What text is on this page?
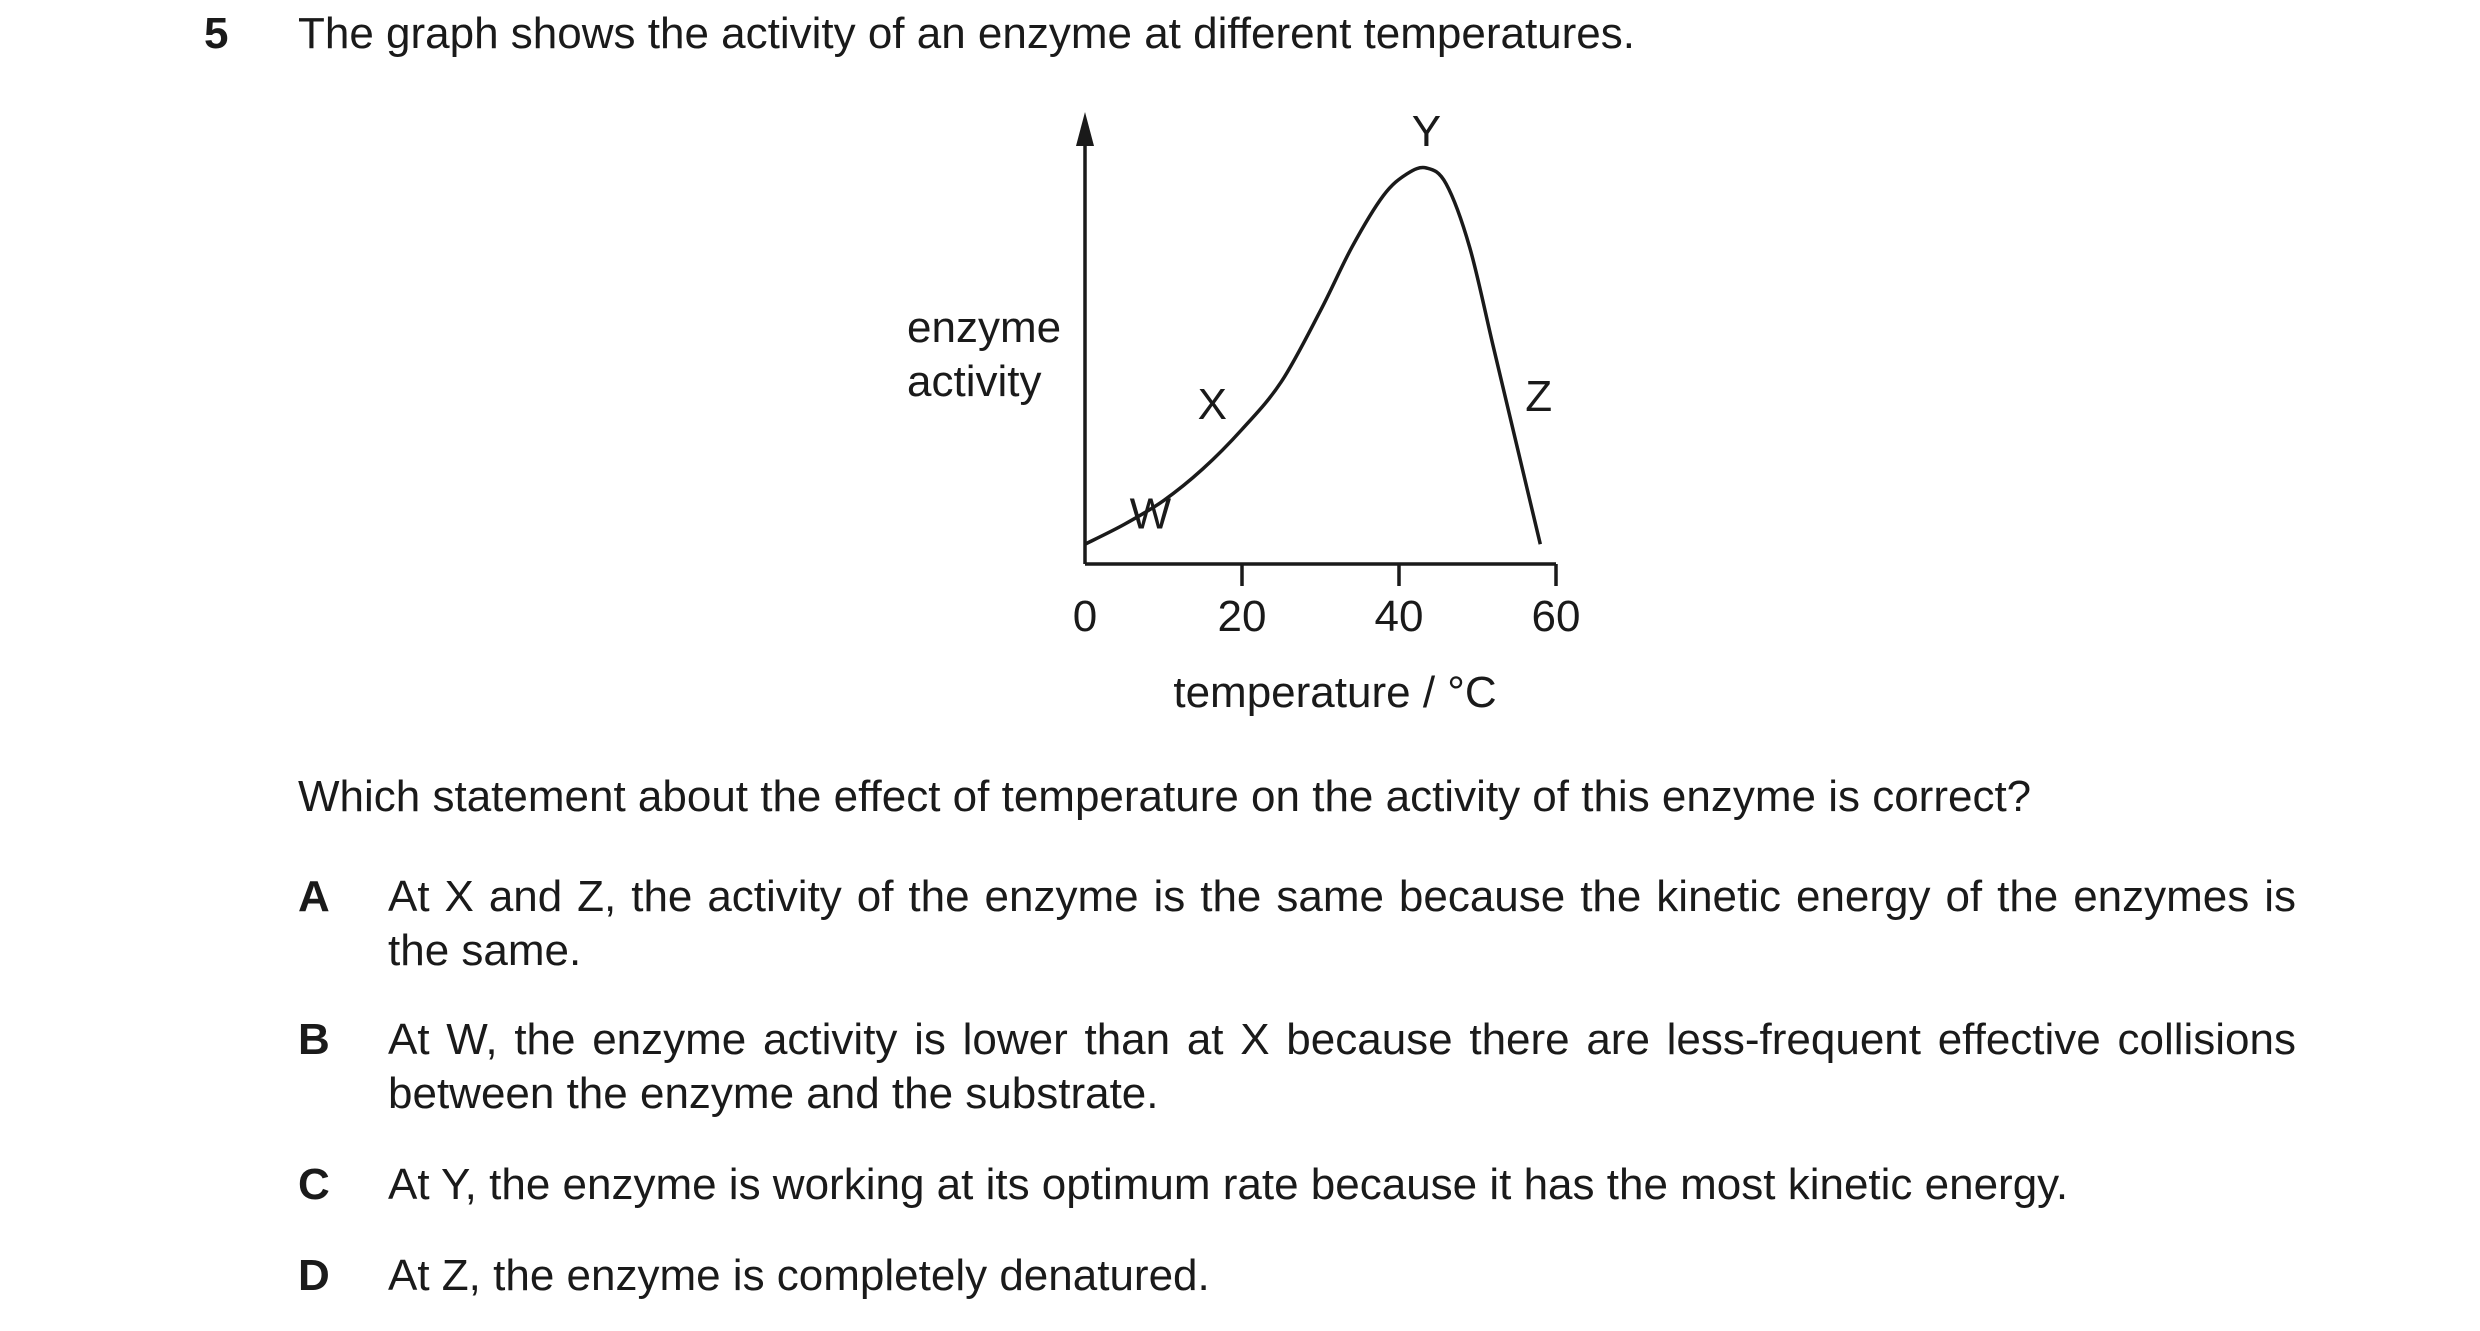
5 The graph shows the activity of an enzyme at different temperatures.
0	20 40 60
temperature / °C
enzyme
activity
W
X
Y
Z
Which statement about the effect of temperature on the activity of this enzyme is correct?
A At X and Z, the activity of the enzyme is the same because the kinetic energy of the enzymes is the same.
B At W, the enzyme activity is lower than at X because there are less-frequent effective collisions between the enzyme and the substrate.
C At Y, the enzyme is working at its optimum rate because it has the most kinetic energy.
D At Z, the enzyme is completely denatured.
